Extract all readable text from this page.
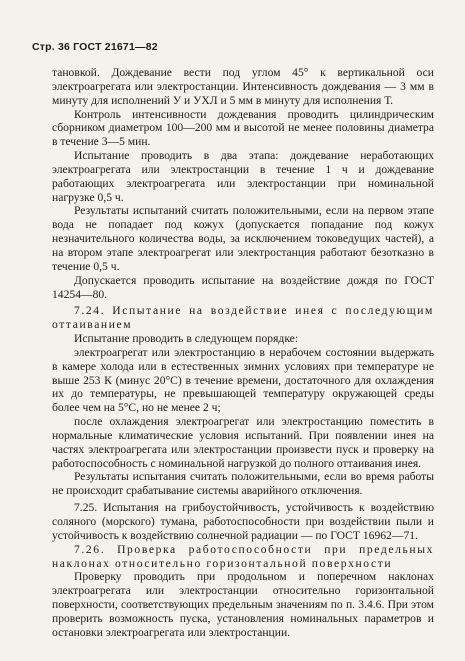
Стр. 36 ГОСТ 21671—82

тановкой. Дождевание вести под углом 45° к вертикальной оси электроагрегата или электростанции. Интенсивность дождевания — 3 мм в минуту для исполнений У и УХЛ и 5 мм в минуту для исполнения Т.

Контроль интенсивности дождевания проводить цилиндрическим сборником диаметром 100—200 мм и высотой не менее половины диаметра в течение 3—5 мин.

Испытание проводить в два этапа: дождевание неработающих электроагрегата или электростанции в течение 1 ч и дождевание работающих электроагрегата или электростанции при номинальной нагрузке 0,5 ч.

Результаты испытаний считать положительными, если на первом этапе вода не попадает под кожух (допускается попадание под кожух незначительного количества воды, за исключением токоведущих частей), а на втором этапе электроагрегат или электростанция работают безотказно в течение 0,5 ч.

Допускается проводить испытание на воздействие дождя по ГОСТ 14254—80.

7.24. Испытание на воздействие инея с последующим оттаиванием

Испытание проводить в следующем порядке:

электроагрегат или электростанцию в нерабочем состоянии выдержать в камере холода или в естественных зимних условиях при температуре не выше 253 К (минус 20°С) в течение времени, достаточного для охлаждения их до температуры, не превышающей температуру окружающей среды более чем на 5°С, но не менее 2 ч;

после охлаждения электроагрегат или электростанцию поместить в нормальные климатические условия испытаний. При появлении инея на частях электроагрегата или электростанции произвести пуск и проверку на работоспособность с номинальной нагрузкой до полного оттаивания инея.

Результаты испытания считать положительными, если во время работы не происходит срабатывание системы аварийного отключения.

7.25. Испытания на грибоустойчивость, устойчивость к воздействию соляного (морского) тумана, работоспособности при воздействии пыли и устойчивость к воздействию солнечной радиации — по ГОСТ 16962—71.

7.26. Проверка работоспособности при предельных наклонах относительно горизонтальной поверхности

Проверку проводить при продольном и поперечном наклонах электроагрегата или электростанции относительно горизонтальной поверхности, соответствующих предельным значениям по п. 3.4.6. При этом проверить возможность пуска, установления номинальных параметров и остановки электроагрегата или электростанции.
